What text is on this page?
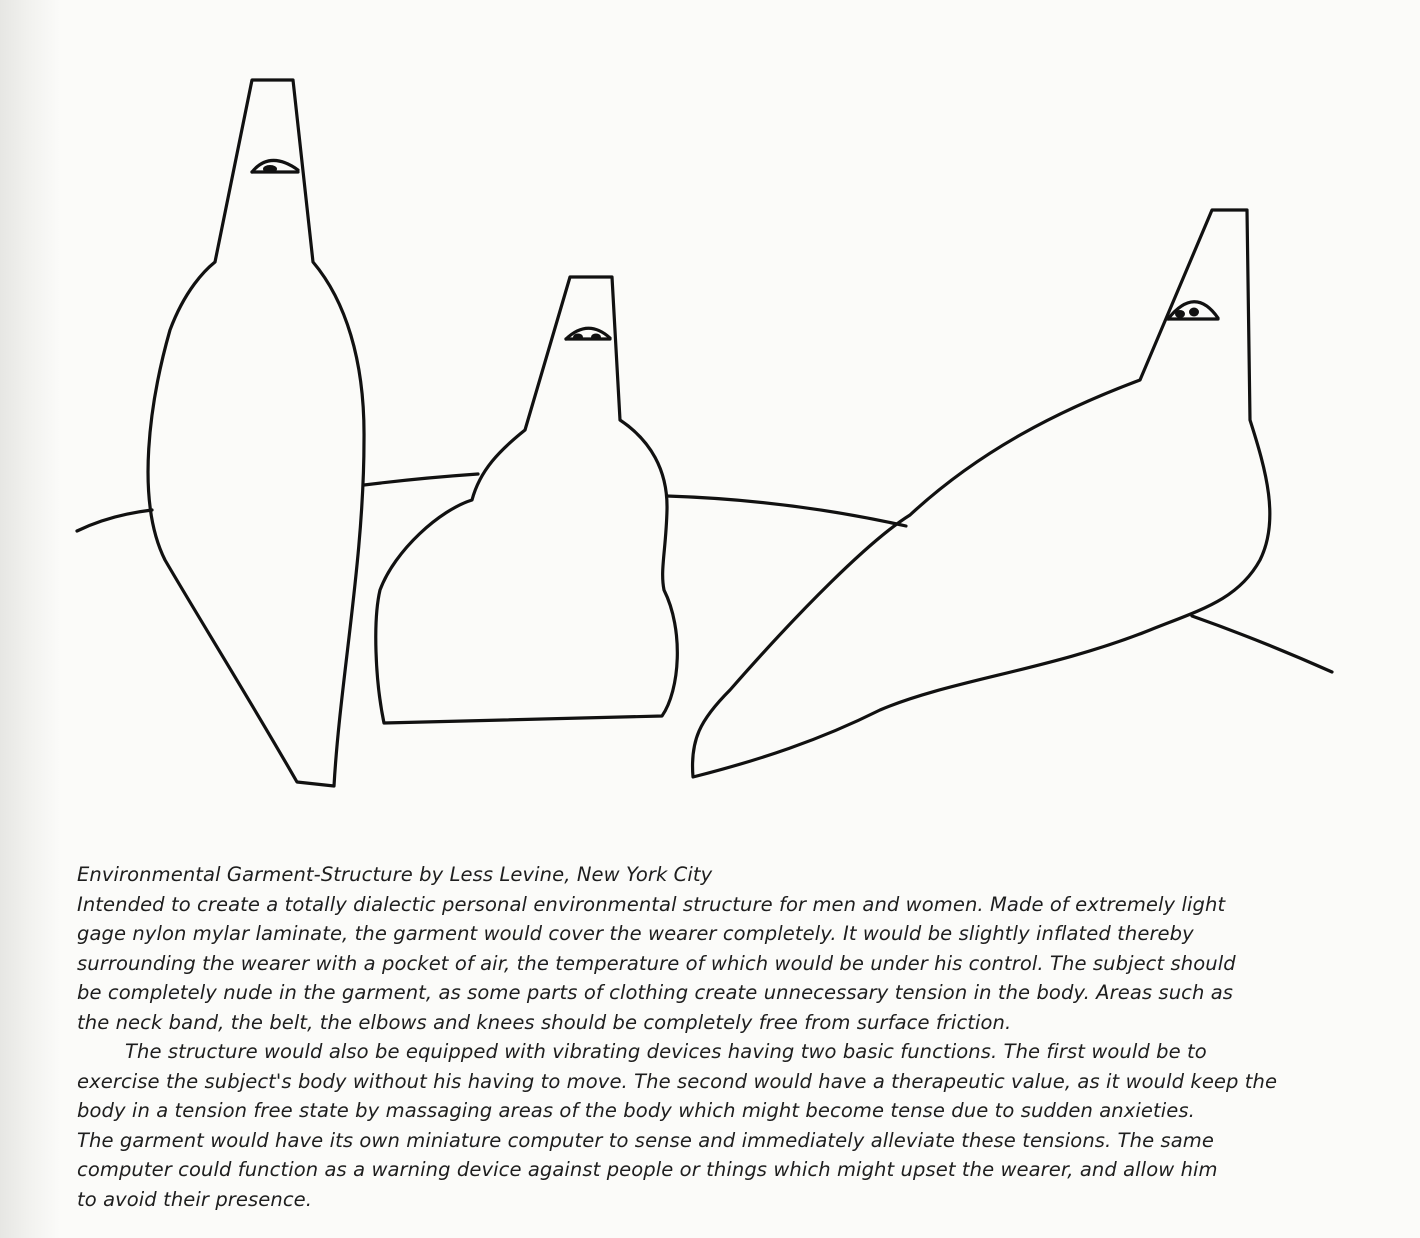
Environmental Garment-Structure by Less Levine, New York City
Intended to create a totally dialectic personal environmental structure for men and women. Made of extremely light
gage nylon mylar laminate, the garment would cover the wearer completely. It would be slightly inflated thereby
surrounding the wearer with a pocket of air, the temperature of which would be under his control. The subject should
be completely nude in the garment, as some parts of clothing create unnecessary tension in the body. Areas such as
the neck band, the belt, the elbows and knees should be completely free from surface friction.
The structure would also be equipped with vibrating devices having two basic functions. The first would be to
exercise the subject's body without his having to move. The second would have a therapeutic value, as it would keep the
body in a tension free state by massaging areas of the body which might become tense due to sudden anxieties.
The garment would have its own miniature computer to sense and immediately alleviate these tensions. The same
computer could function as a warning device against people or things which might upset the wearer, and allow him
to avoid their presence.
